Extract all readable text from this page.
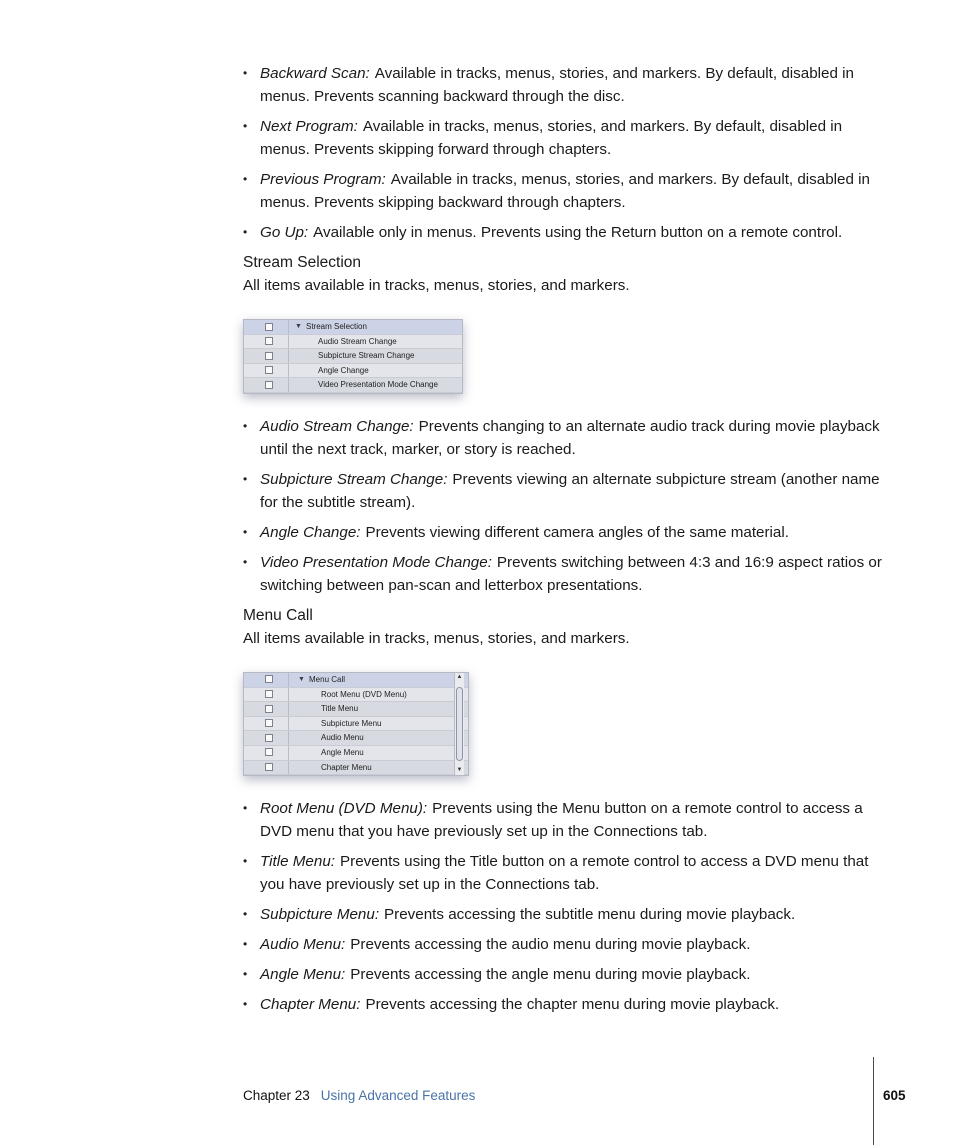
• Backward Scan: Available in tracks, menus, stories, and markers. By default, disabled in menus. Prevents scanning backward through the disc.
• Next Program: Available in tracks, menus, stories, and markers. By default, disabled in menus. Prevents skipping forward through chapters.
• Previous Program: Available in tracks, menus, stories, and markers. By default, disabled in menus. Prevents skipping backward through chapters.
• Go Up: Available only in menus. Prevents using the Return button on a remote control.
Stream Selection

All items available in tracks, menus, stories, and markers.

▼ Stream Selection
Audio Stream Change
Subpicture Stream Change
Angle Change
Video Presentation Mode Change
• Audio Stream Change: Prevents changing to an alternate audio track during movie playback until the next track, marker, or story is reached.
• Subpicture Stream Change: Prevents viewing an alternate subpicture stream (another name for the subtitle stream).
• Angle Change: Prevents viewing different camera angles of the same material.
• Video Presentation Mode Change: Prevents switching between 4:3 and 16:9 aspect ratios or switching between pan-scan and letterbox presentations.
Menu Call

All items available in tracks, menus, stories, and markers.

▼ Menu Call
Root Menu (DVD Menu)
Title Menu
Subpicture Menu
Audio Menu
Angle Menu
Chapter Menu
▲
▼
• Root Menu (DVD Menu): Prevents using the Menu button on a remote control to access a DVD menu that you have previously set up in the Connections tab.
• Title Menu: Prevents using the Title button on a remote control to access a DVD menu that you have previously set up in the Connections tab.
• Subpicture Menu: Prevents accessing the subtitle menu during movie playback.
• Audio Menu: Prevents accessing the audio menu during movie playback.
• Angle Menu: Prevents accessing the angle menu during movie playback.
• Chapter Menu: Prevents accessing the chapter menu during movie playback.
Chapter 23 Using Advanced Features	605
